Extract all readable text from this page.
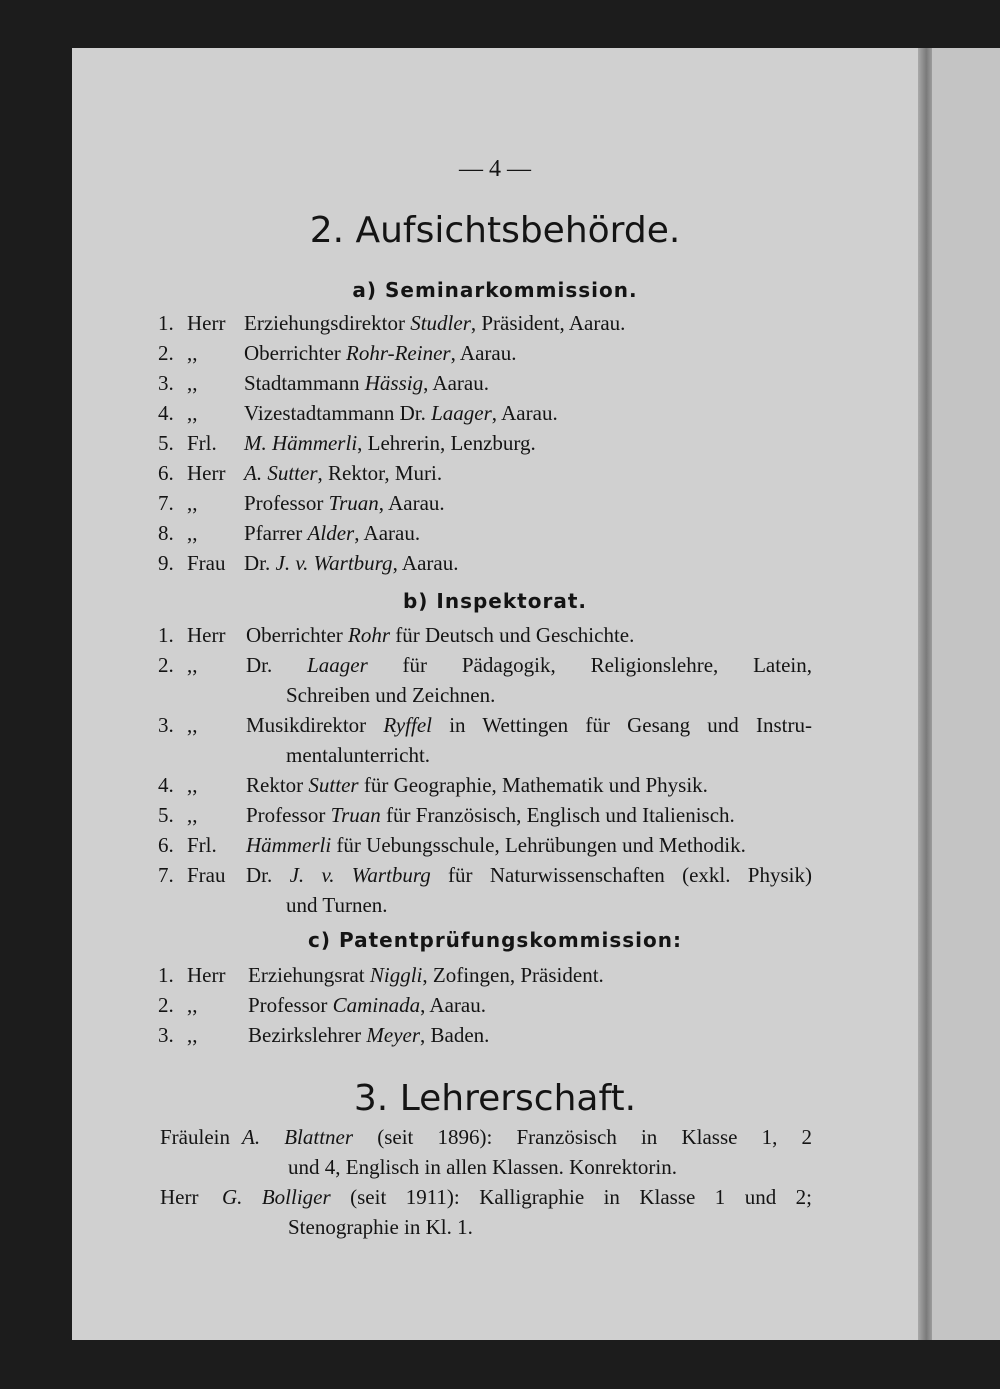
— 4 —
2. Aufsichtsbehörde.
a) Seminarkommission.
1. Herr Erziehungsdirektor Studler, Präsident, Aarau.
2. ,, Oberrichter Rohr-Reiner, Aarau.
3. ,, Stadtammann Hässig, Aarau.
4. ,, Vizestadtammann Dr. Laager, Aarau.
5. Frl. M. Hämmerli, Lehrerin, Lenzburg.
6. Herr A. Sutter, Rektor, Muri.
7. ,, Professor Truan, Aarau.
8. ,, Pfarrer Alder, Aarau.
9. Frau Dr. J. v. Wartburg, Aarau.
b) Inspektorat.
1. Herr Oberrichter Rohr für Deutsch und Geschichte.
2. ,, Dr. Laager für Pädagogik, Religionslehre, Latein,
Schreiben und Zeichnen.
3. ,, Musikdirektor Ryffel in Wettingen für Gesang und Instru-
mentalunterricht.
4. ,, Rektor Sutter für Geographie, Mathematik und Physik.
5. ,, Professor Truan für Französisch, Englisch und Italienisch.
6. Frl. Hämmerli für Uebungsschule, Lehrübungen und Methodik.
7. Frau Dr. J. v. Wartburg für Naturwissenschaften (exkl. Physik)
und Turnen.
c) Patentprüfungskommission:
1. Herr Erziehungsrat Niggli, Zofingen, Präsident.
2. ,, Professor Caminada, Aarau.
3. ,, Bezirkslehrer Meyer, Baden.
3. Lehrerschaft.
Fräulein A. Blattner (seit 1896): Französisch in Klasse 1, 2
und 4, Englisch in allen Klassen. Konrektorin.
Herr G. Bolliger (seit 1911): Kalligraphie in Klasse 1 und 2;
Stenographie in Kl. 1.
